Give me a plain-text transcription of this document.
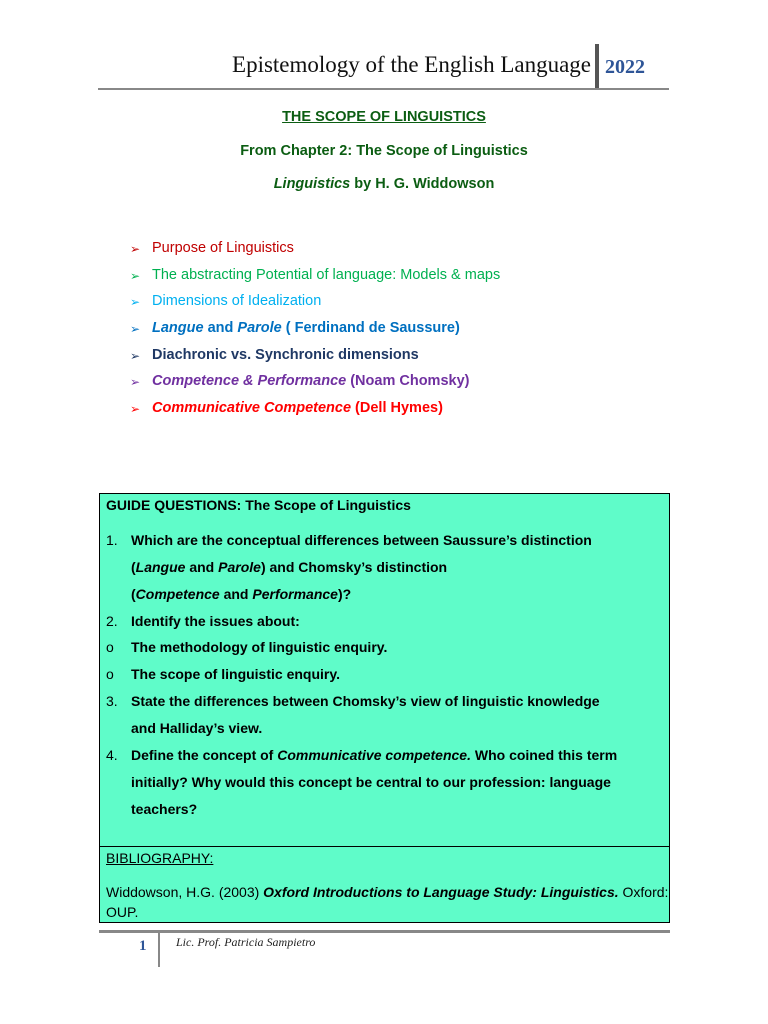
Epistemology of the English Language 2022
THE SCOPE OF LINGUISTICS
From Chapter 2: The Scope of Linguistics
Linguistics by H. G. Widdowson
➢ Purpose of Linguistics
➢ The abstracting Potential of language: Models & maps
➢ Dimensions of Idealization
➢ Langue and Parole ( Ferdinand de Saussure)
➢ Diachronic vs. Synchronic dimensions
➢ Competence & Performance (Noam Chomsky)
➢ Communicative Competence (Dell Hymes)
GUIDE QUESTIONS: The Scope of Linguistics
1. Which are the conceptual differences between Saussure’s distinction
(Langue and Parole) and Chomsky’s distinction
(Competence and Performance)?
2. Identify the issues about:
o The methodology of linguistic enquiry.
o The scope of linguistic enquiry.
3. State the differences between Chomsky’s view of linguistic knowledge
and Halliday’s view.
4. Define the concept of Communicative competence. Who coined this term
initially? Why would this concept be central to our profession: language
teachers?
BIBLIOGRAPHY:
Widdowson, H.G. (2003) Oxford Introductions to Language Study: Linguistics. Oxford: OUP.
1 Lic. Prof. Patricia Sampietro
